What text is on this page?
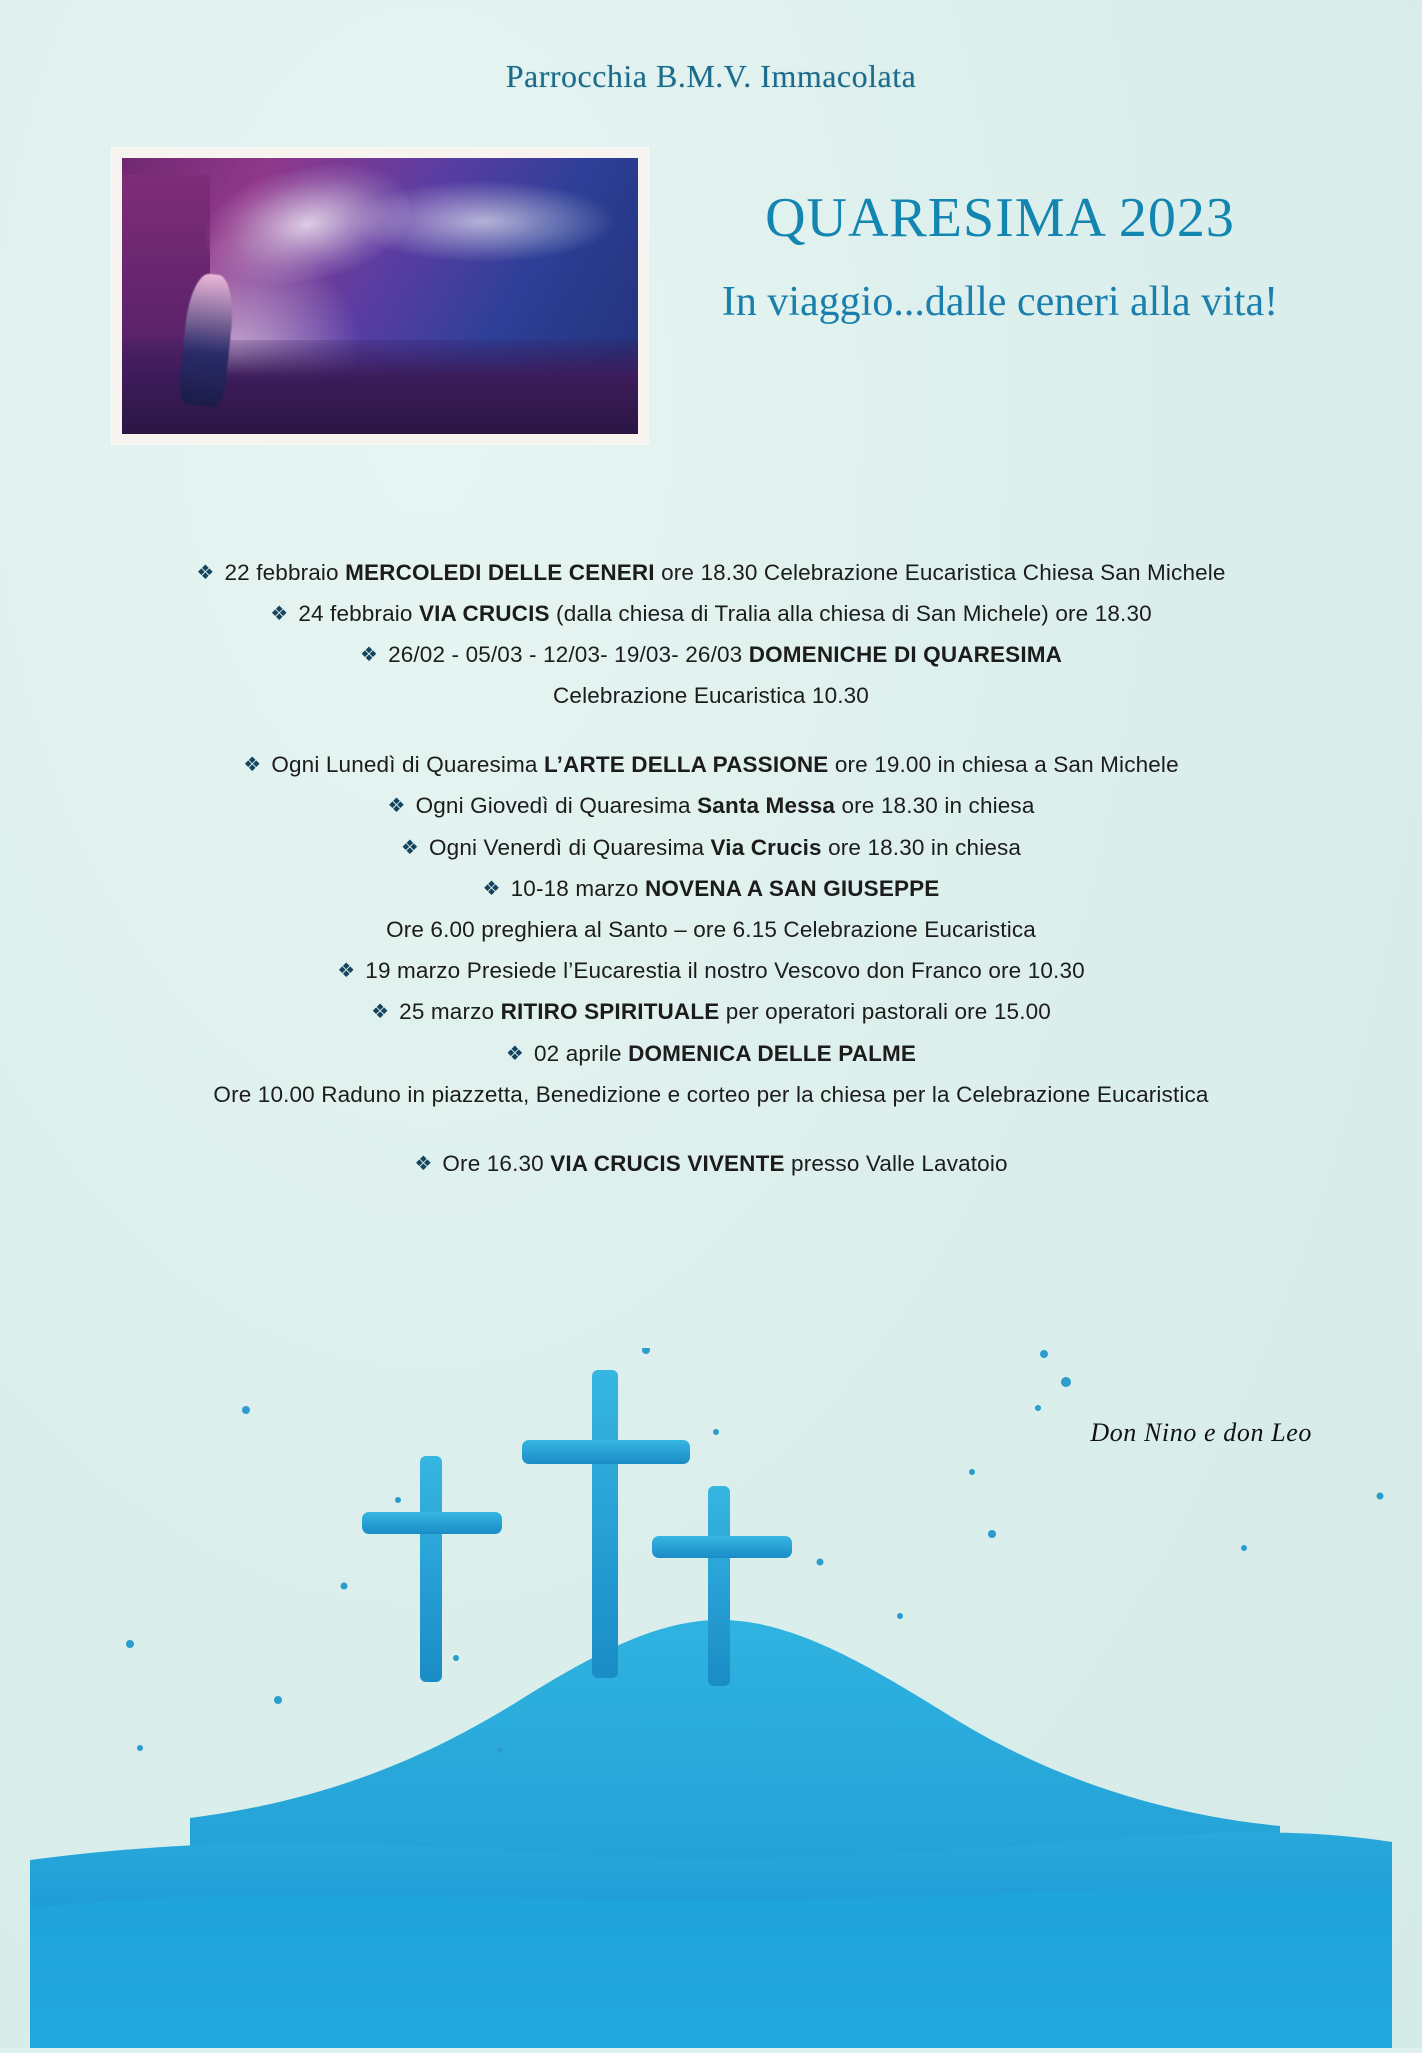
Parrocchia B.M.V. Immacolata
QUARESIMA 2023
In viaggio...dalle ceneri alla vita!
❖ 22 febbraio MERCOLEDI DELLE CENERI ore 18.30 Celebrazione Eucaristica Chiesa San Michele
❖ 24 febbraio VIA CRUCIS (dalla chiesa di Tralia alla chiesa di San Michele) ore 18.30
❖ 26/02 - 05/03 - 12/03- 19/03- 26/03 DOMENICHE DI QUARESIMA
Celebrazione Eucaristica 10.30
❖ Ogni Lunedì di Quaresima L’ARTE DELLA PASSIONE ore 19.00 in chiesa a San Michele
❖ Ogni Giovedì di Quaresima Santa Messa ore 18.30 in chiesa
❖ Ogni Venerdì di Quaresima Via Crucis ore 18.30 in chiesa
❖ 10-18 marzo NOVENA A SAN GIUSEPPE
Ore 6.00 preghiera al Santo – ore 6.15 Celebrazione Eucaristica
❖ 19 marzo Presiede l’Eucarestia il nostro Vescovo don Franco ore 10.30
❖ 25 marzo RITIRO SPIRITUALE per operatori pastorali ore 15.00
❖ 02 aprile DOMENICA DELLE PALME
Ore 10.00 Raduno in piazzetta, Benedizione e corteo per la chiesa per la Celebrazione Eucaristica
❖ Ore 16.30 VIA CRUCIS VIVENTE presso Valle Lavatoio
Don Nino e don Leo
